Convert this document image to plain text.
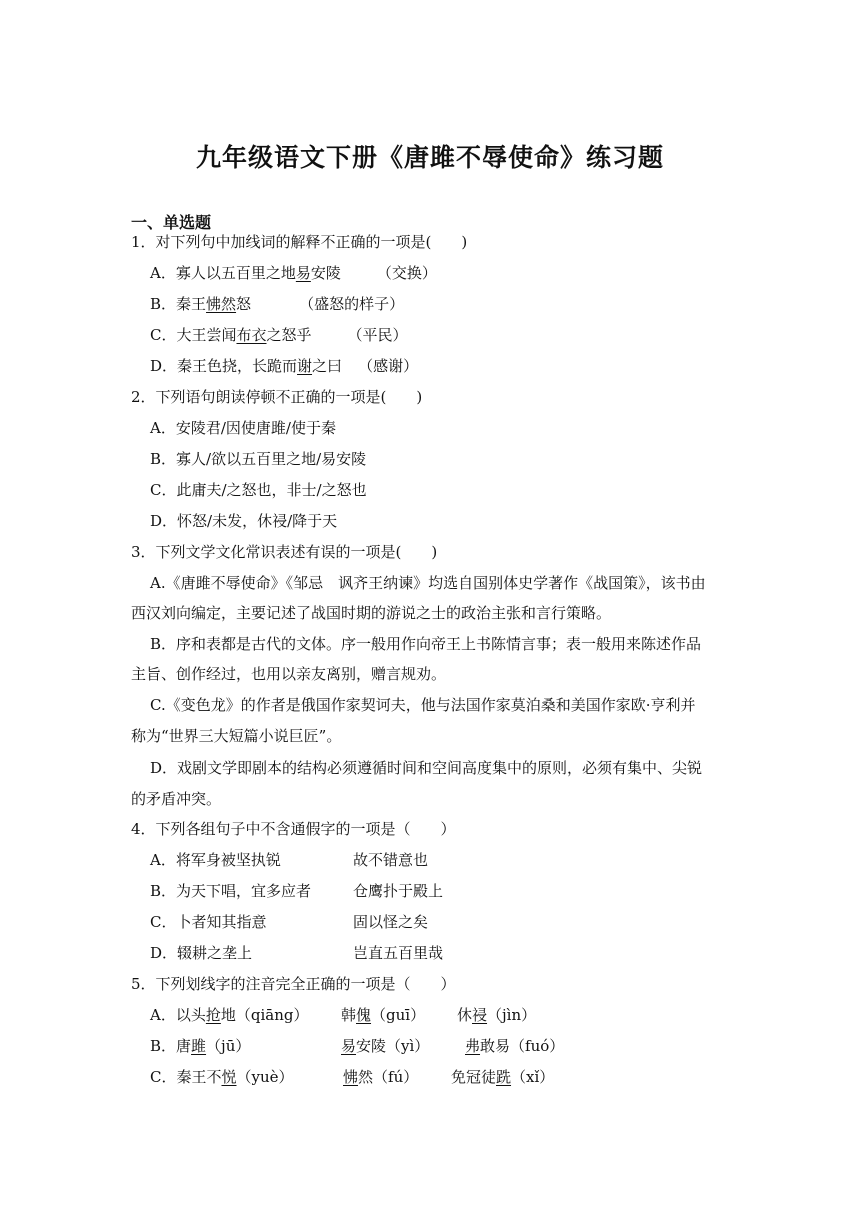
九年级语文下册《唐雎不辱使命》练习题
一、单选题
1．对下列句中加线词的解释不正确的一项是(　　)
A．寡人以五百里之地易安陵 （交换）
B．秦王怫然怒	（盛怒的样子）
C．大王尝闻布衣之怒乎 （平民）
D．秦王色挠，长跪而谢之曰 （感谢）
2．下列语句朗读停顿不正确的一项是(　　)
A．安陵君/因使唐雎/使于秦
B．寡人/欲以五百里之地/易安陵
C．此庸夫/之怒也，非士/之怒也
D．怀怒/未发，休祲/降于天
3．下列文学文化常识表述有误的一项是(　　)
A.《唐雎不辱使命》《邹忌　讽齐王纳谏》均选自国别体史学著作《战国策》，该书由
西汉刘向编定，主要记述了战国时期的游说之士的政治主张和言行策略。
B．序和表都是古代的文体。序一般用作向帝王上书陈情言事；表一般用来陈述作品
主旨、创作经过，也用以亲友离别，赠言规劝。
C.《变色龙》的作者是俄国作家契诃夫，他与法国作家莫泊桑和美国作家欧·亨利并
称为“世界三大短篇小说巨匠”。
D．戏剧文学即剧本的结构必须遵循时间和空间高度集中的原则，必须有集中、尖锐
的矛盾冲突。
4．下列各组句子中不含通假字的一项是（　　）
A．将军身被坚执锐	故不错意也
B．为天下唱，宜多应者	仓鹰扑于殿上
C．卜者知其指意	固以怪之矣
D．辍耕之垄上	岂直五百里哉
5．下列划线字的注音完全正确的一项是（　　）
A．以头抢地（qiāng） 韩傀（guī） 休祲（jìn）
B．唐雎（jū）	易安陵（yì） 弗敢易（fuó）
C．秦王不悦（yuè）	怫然（fú） 免冠徒跣（xǐ）
